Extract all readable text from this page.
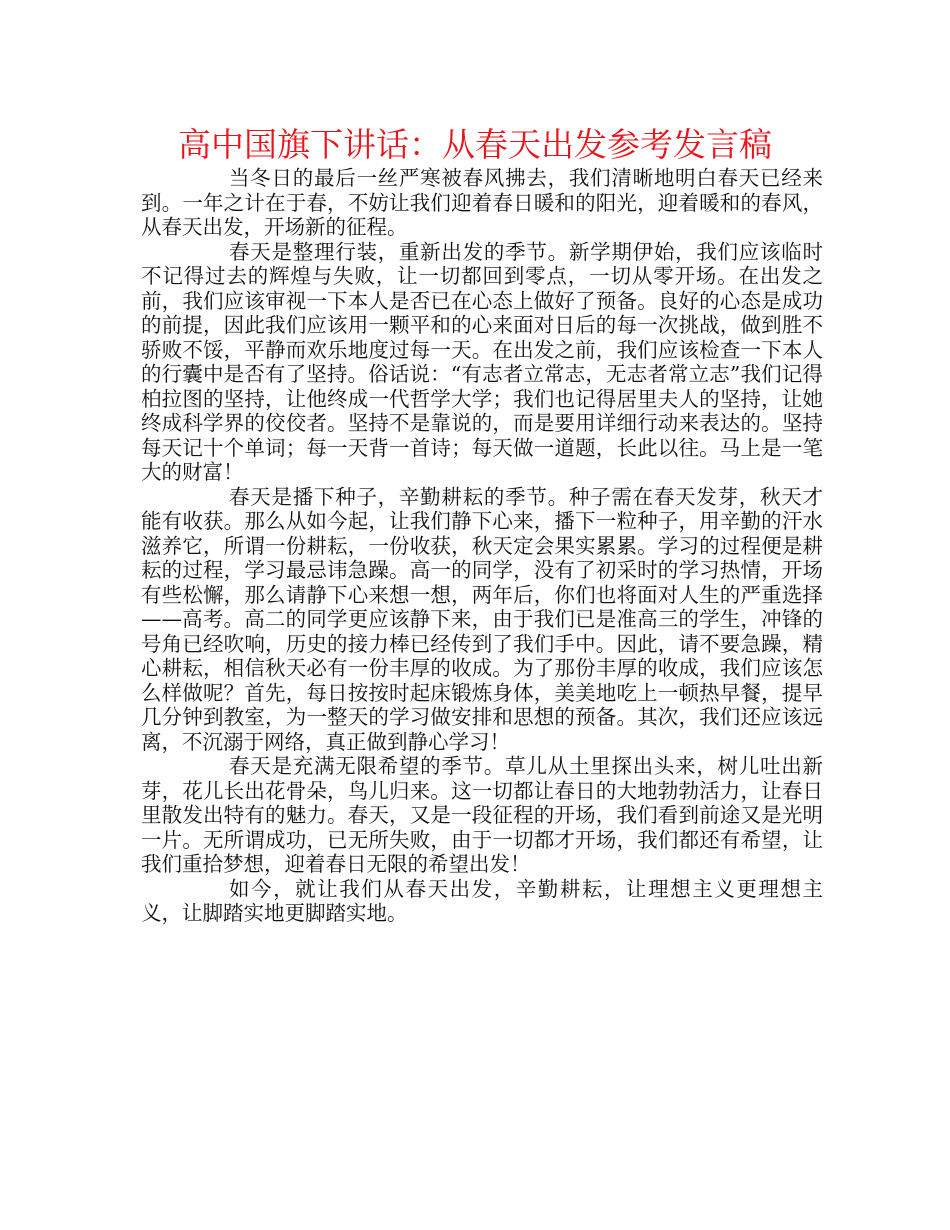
高中国旗下讲话：从春天出发参考发言稿

当冬日的最后一丝严寒被春风拂去，我们清晰地明白春天已经来到。一年之计在于春，不妨让我们迎着春日暖和的阳光，迎着暖和的春风，从春天出发，开场新的征程。

春天是整理行装，重新出发的季节。新学期伊始，我们应该临时不记得过去的辉煌与失败，让一切都回到零点，一切从零开场。在出发之前，我们应该审视一下本人是否已在心态上做好了预备。良好的心态是成功的前提，因此我们应该用一颗平和的心来面对日后的每一次挑战，做到胜不骄败不馁，平静而欢乐地度过每一天。在出发之前，我们应该检查一下本人的行囊中是否有了坚持。俗话说：“有志者立常志，无志者常立志”我们记得柏拉图的坚持，让他终成一代哲学大学；我们也记得居里夫人的坚持，让她终成科学界的佼佼者。坚持不是靠说的，而是要用详细行动来表达的。坚持每天记十个单词；每一天背一首诗；每天做一道题，长此以往。马上是一笔大的财富！

春天是播下种子，辛勤耕耘的季节。种子需在春天发芽，秋天才能有收获。那么从如今起，让我们静下心来，播下一粒种子，用辛勤的汗水滋养它，所谓一份耕耘，一份收获，秋天定会果实累累。学习的过程便是耕耘的过程，学习最忌讳急躁。高一的同学，没有了初采时的学习热情，开场有些松懈，那么请静下心来想一想，两年后，你们也将面对人生的严重选择——高考。高二的同学更应该静下来，由于我们已是准高三的学生，冲锋的号角已经吹响，历史的接力棒已经传到了我们手中。因此，请不要急躁，精心耕耘，相信秋天必有一份丰厚的收成。为了那份丰厚的收成，我们应该怎么样做呢？首先，每日按按时起床锻炼身体，美美地吃上一顿热早餐，提早几分钟到教室，为一整天的学习做安排和思想的预备。其次，我们还应该远离，不沉溺于网络，真正做到静心学习！

春天是充满无限希望的季节。草儿从土里探出头来，树儿吐出新芽，花儿长出花骨朵，鸟儿归来。这一切都让春日的大地勃勃活力，让春日里散发出特有的魅力。春天，又是一段征程的开场，我们看到前途又是光明一片。无所谓成功，已无所失败，由于一切都才开场，我们都还有希望，让我们重拾梦想，迎着春日无限的希望出发！

如今，就让我们从春天出发，辛勤耕耘，让理想主义更理想主义，让脚踏实地更脚踏实地。
